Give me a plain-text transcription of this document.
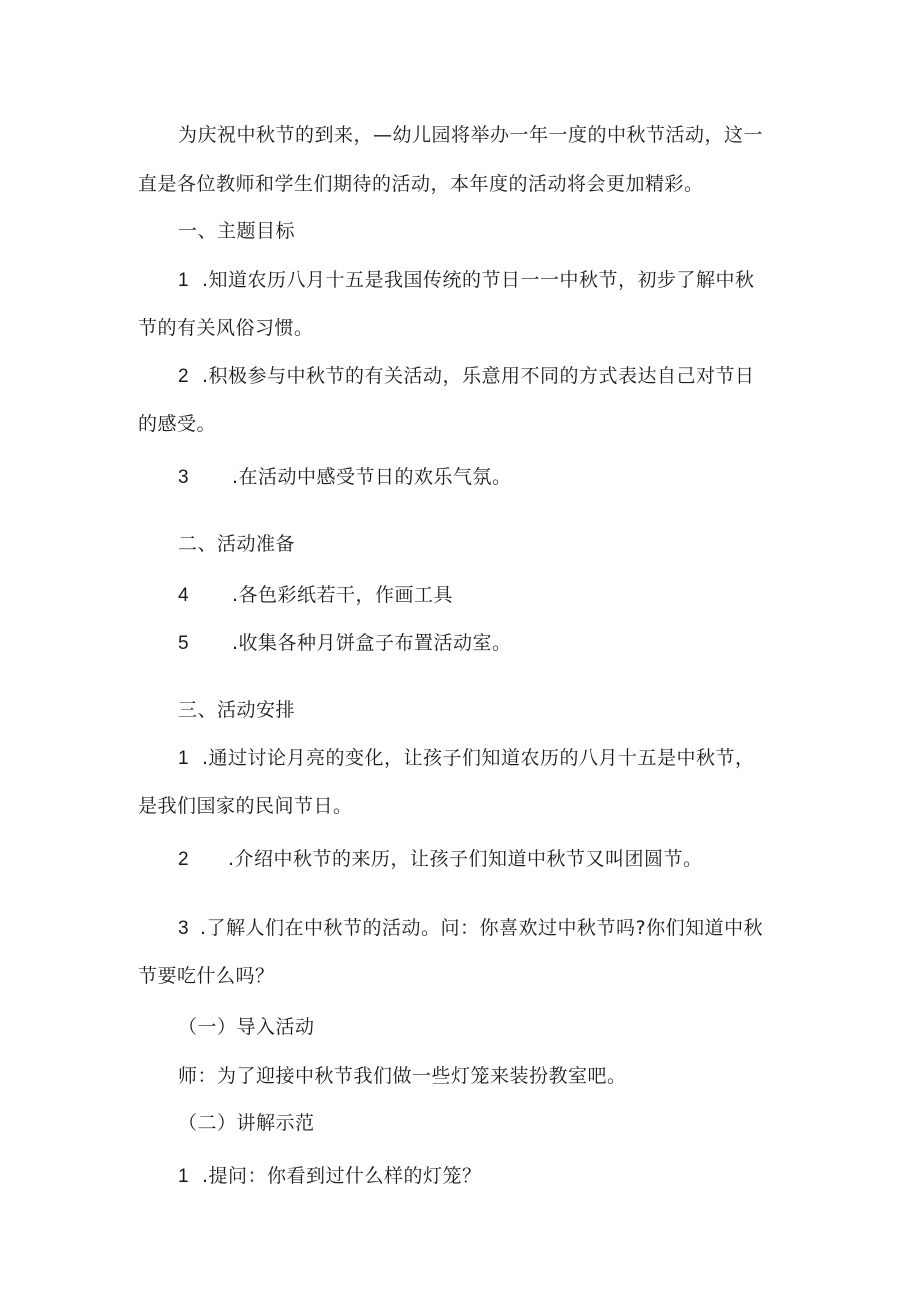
为庆祝中秋节的到来，—幼儿园将举办一年一度的中秋节活动，这一
直是各位教师和学生们期待的活动，本年度的活动将会更加精彩。
一、主题目标
1 .知道农历八月十五是我国传统的节日一一中秋节，初步了解中秋
节的有关风俗习惯。
2 .积极参与中秋节的有关活动，乐意用不同的方式表达自己对节日
的感受。
3 .在活动中感受节日的欢乐气氛。
二、活动准备
4 .各色彩纸若干，作画工具
5 .收集各种月饼盒子布置活动室。
三、活动安排
1 .通过讨论月亮的变化，让孩子们知道农历的八月十五是中秋节，
是我们国家的民间节日。
2 .介绍中秋节的来历，让孩子们知道中秋节又叫团圆节。
3 .了解人们在中秋节的活动。问：你喜欢过中秋节吗?你们知道中秋
节要吃什么吗？
（一）导入活动
师：为了迎接中秋节我们做一些灯笼来装扮教室吧。
（二）讲解示范
1 .提问：你看到过什么样的灯笼？
